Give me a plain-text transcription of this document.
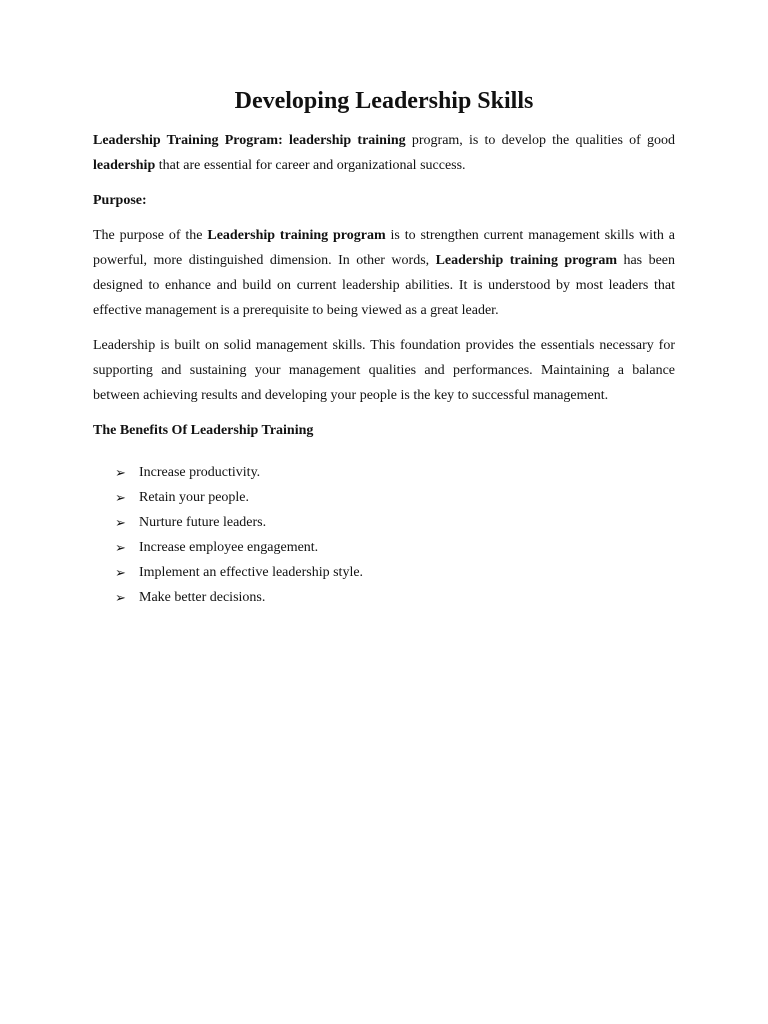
Developing Leadership Skills

Leadership Training Program: leadership training program, is to develop the qualities of good leadership that are essential for career and organizational success.

Purpose:

The purpose of the Leadership training program is to strengthen current management skills with a powerful, more distinguished dimension. In other words, Leadership training program has been designed to enhance and build on current leadership abilities. It is understood by most leaders that effective management is a prerequisite to being viewed as a great leader.

Leadership is built on solid management skills. This foundation provides the essentials necessary for supporting and sustaining your management qualities and performances. Maintaining a balance between achieving results and developing your people is the key to successful management.

The Benefits Of Leadership Training

➢ Increase productivity.
➢ Retain your people.
➢ Nurture future leaders.
➢ Increase employee engagement.
➢ Implement an effective leadership style.
➢ Make better decisions.
